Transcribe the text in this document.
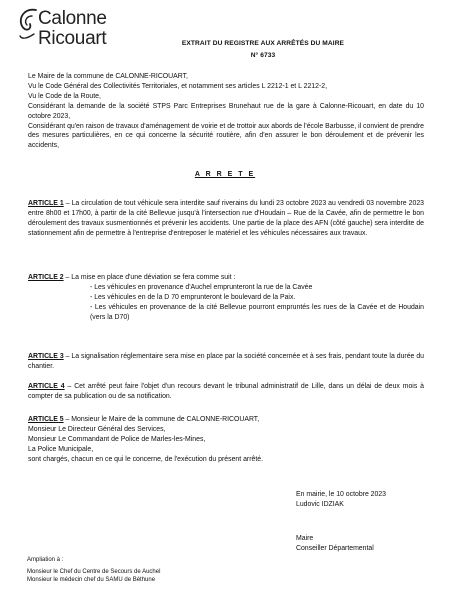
Calonne
Ricouart	EXTRAIT DU REGISTRE AUX ARRÊTÉS DU MAIRE
N° 6733

Le Maire de la commune de CALONNE-RICOUART,

Vu le Code Général des Collectivités Territoriales, et notamment ses articles L 2212-1 et L 2212-2,

Vu le Code de la Route,

Considérant la demande de la société STPS Parc Entreprises Brunehaut rue de la gare à Calonne-Ricouart, en date du 10 octobre 2023,

Considérant qu'en raison de travaux d'aménagement de voirie et de trottoir aux abords de l'école Barbusse, il convient de prendre des mesures particulières, en ce qui concerne la sécurité routière, afin d'en assurer le bon déroulement et de prévenir les accidents,

A R R E T E
ARTICLE 1 – La circulation de tout véhicule sera interdite sauf riverains du lundi 23 octobre 2023 au vendredi 03 novembre 2023 entre 8h00 et 17h00, à partir de la cité Bellevue jusqu'à l'intersection rue d'Houdain – Rue de la Cavée, afin de permettre le bon déroulement des travaux susmentionnés et prévenir les accidents. Une partie de la place des AFN (côté gauche) sera interdite de stationnement afin de permettre à l'entreprise d'entreposer le matériel et les véhicules nécessaires aux travaux.

ARTICLE 2 – La mise en place d'une déviation se fera comme suit :

- Les véhicules en provenance d'Auchel emprunteront la rue de la Cavée

- Les véhicules en de la D 70 emprunteront le boulevard de la Paix.

- Les véhicules en provenance de la cité Bellevue pourront empruntés les rues de la Cavée et de Houdain (vers la D70)

ARTICLE 3 – La signalisation réglementaire sera mise en place par la société concernée et à ses frais, pendant toute la durée du chantier.
ARTICLE 4 – Cet arrêté peut faire l'objet d'un recours devant le tribunal administratif de Lille, dans un délai de deux mois à compter de sa publication ou de sa notification.

ARTICLE 5 – Monsieur le Maire de la commune de CALONNE-RICOUART,

Monsieur Le Directeur Général des Services,

Monsieur Le Commandant de Police de Marles-les-Mines,

La Police Municipale,

sont chargés, chacun en ce qui le concerne, de l'exécution du présent arrêté.

En mairie, le 10 octobre 2023

Ludovic IDZIAK

Maire

Conseiller Départemental

Ampliation à :

Monsieur le Chef du Centre de Secours de Auchel

Monsieur le médecin chef du SAMU de Béthune
